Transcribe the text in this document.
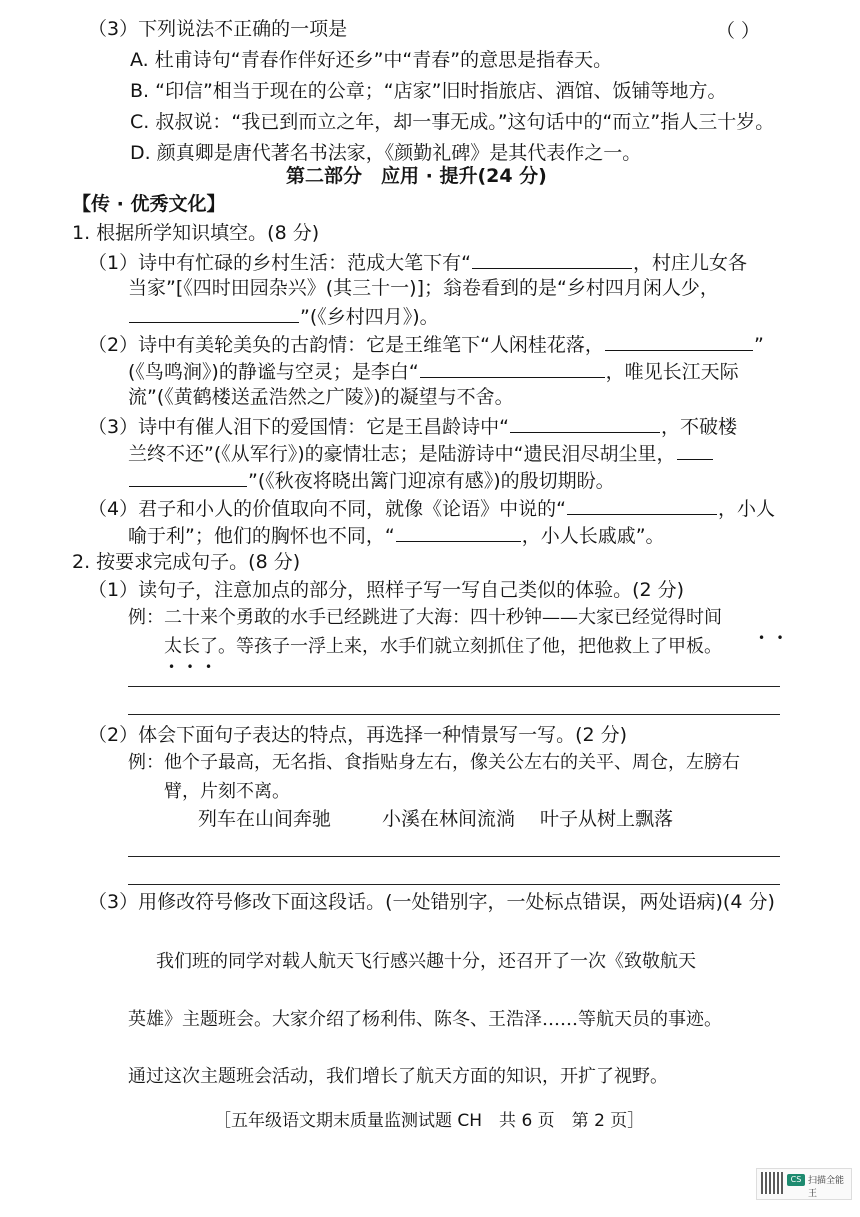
（3）下列说法不正确的一项是	（ ）
A. 杜甫诗句“青春作伴好还乡”中“青春”的意思是指春天。
B. “印信”相当于现在的公章；“店家”旧时指旅店、酒馆、饭铺等地方。
C. 叔叔说：“我已到而立之年，却一事无成。”这句话中的“而立”指人三十岁。
D. 颜真卿是唐代著名书法家，《颜勤礼碑》是其代表作之一。
第二部分　应用 · 提升(24 分)
【传 · 优秀文化】
1. 根据所学知识填空。(8 分)
（1）诗中有忙碌的乡村生活：范成大笔下有“	，村庄儿女各
当家”[《四时田园杂兴》(其三十一)]；翁卷看到的是“乡村四月闲人少，
”(《乡村四月》)。
（2）诗中有美轮美奂的古韵情：它是王维笔下“人闲桂花落，	”
(《鸟鸣涧》)的静谧与空灵；是李白“	，唯见长江天际
流”(《黄鹤楼送孟浩然之广陵》)的凝望与不舍。
（3）诗中有催人泪下的爱国情：它是王昌龄诗中“	，不破楼
兰终不还”(《从军行》)的豪情壮志；是陆游诗中“遗民泪尽胡尘里，
”(《秋夜将晓出篱门迎凉有感》)的殷切期盼。
（4）君子和小人的价值取向不同，就像《论语》中说的“	，小人
喻于利”；他们的胸怀也不同，“	，小人长戚戚”。
2. 按要求完成句子。(8 分)
（1）读句子，注意加点的部分，照样子写一写自己类似的体验。(2 分)
例：二十来个勇敢的水手已经跳进了大海：四十秒钟——大家已经觉得时间
•   •
太长了。等孩子一浮上来，水手们就立刻抓住了他，把他救上了甲板。
•   •   •
（2）体会下面句子表达的特点，再选择一种情景写一写。(2 分)
例：他个子最高，无名指、食指贴身左右，像关公左右的关平、周仓，左膀右
臂，片刻不离。
列车在山间奔驰	小溪在林间流淌 叶子从树上飘落
（3）用修改符号修改下面这段话。(一处错别字，一处标点错误，两处语病)(4 分)
我们班的同学对载人航天飞行感兴趣十分，还召开了一次《致敬航天
英雄》主题班会。大家介绍了杨利伟、陈冬、王浩泽……等航天员的事迹。
通过这次主题班会活动，我们增长了航天方面的知识，开扩了视野。
［五年级语文期末质量监测试题 CH　共 6 页　第 2 页］
CS 扫描全能王
